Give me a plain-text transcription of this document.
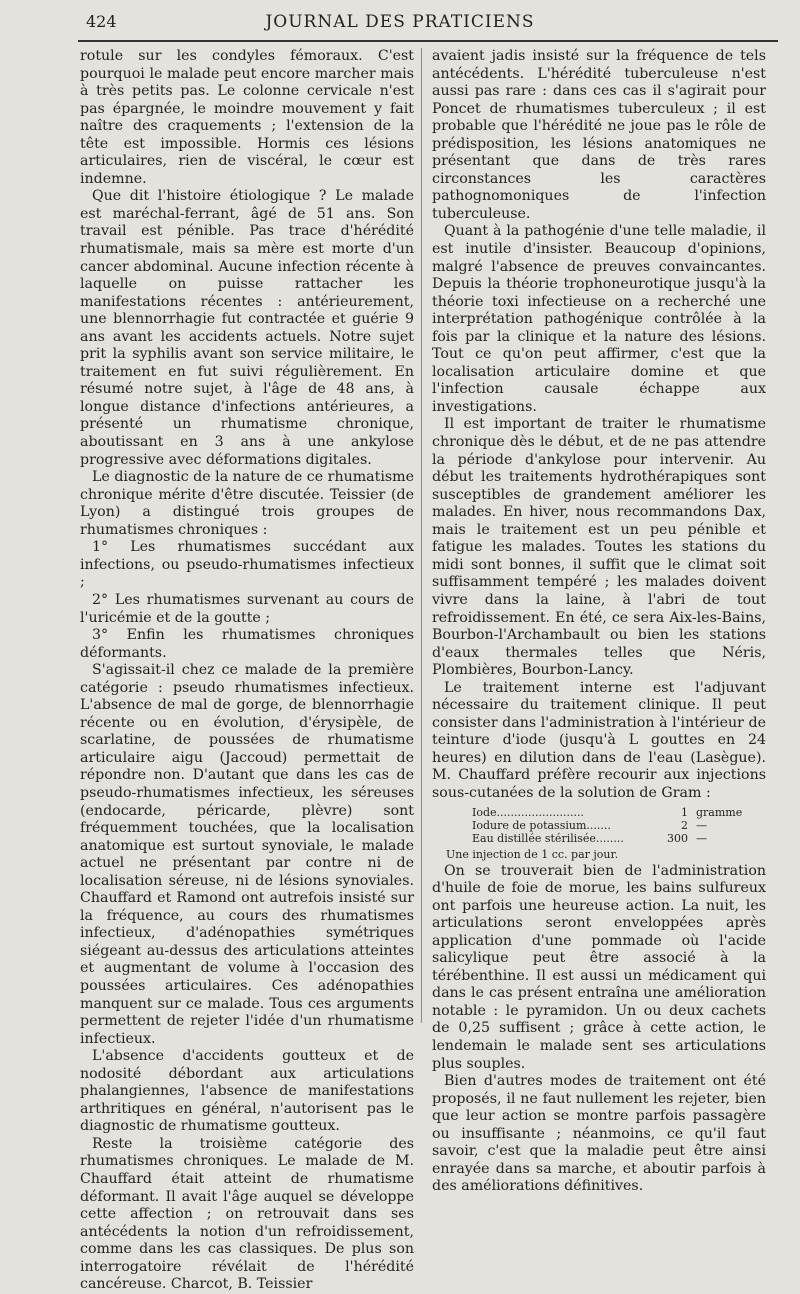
424	JOURNAL DES PRATICIENS

rotule sur les condyles fémoraux. C'est pourquoi le malade peut encore marcher mais à très petits pas. Le colonne cervicale n'est pas épargnée, le moindre mouvement y fait naître des craquements ; l'extension de la tête est impossible. Hormis ces lésions articulaires, rien de viscéral, le cœur est indemne.

Que dit l'histoire étiologique ? Le malade est maréchal-ferrant, âgé de 51 ans. Son travail est pénible. Pas trace d'hérédité rhumatismale, mais sa mère est morte d'un cancer abdominal. Aucune infection récente à laquelle on puisse rattacher les manifestations récentes : antérieurement, une blennorrhagie fut contractée et guérie 9 ans avant les accidents actuels. Notre sujet prit la syphilis avant son service militaire, le traitement en fut suivi régulièrement. En résumé notre sujet, à l'âge de 48 ans, à longue distance d'infections antérieures, a présenté un rhumatisme chronique, aboutissant en 3 ans à une ankylose progressive avec déformations digitales.

Le diagnostic de la nature de ce rhumatisme chronique mérite d'être discutée. Teissier (de Lyon) a distingué trois groupes de rhumatismes chroniques :

1° Les rhumatismes succédant aux infections, ou pseudo-rhumatismes infectieux ;

2° Les rhumatismes survenant au cours de l'uricémie et de la goutte ;

3° Enfin les rhumatismes chroniques déformants.

S'agissait-il chez ce malade de la première catégorie : pseudo rhumatismes infectieux. L'absence de mal de gorge, de blennorrhagie récente ou en évolution, d'érysipèle, de scarlatine, de poussées de rhumatisme articulaire aigu (Jaccoud) permettait de répondre non. D'autant que dans les cas de pseudo-rhumatismes infectieux, les séreuses (endocarde, péricarde, plèvre) sont fréquemment touchées, que la localisation anatomique est surtout synoviale, le malade actuel ne présentant par contre ni de localisation séreuse, ni de lésions synoviales. Chauffard et Ramond ont autrefois insisté sur la fréquence, au cours des rhumatismes infectieux, d'adénopathies symétriques siégeant au-dessus des articulations atteintes et augmentant de volume à l'occasion des poussées articulaires. Ces adénopathies manquent sur ce malade. Tous ces arguments permettent de rejeter l'idée d'un rhumatisme infectieux.

L'absence d'accidents goutteux et de nodosité débordant aux articulations phalangiennes, l'absence de manifestations arthritiques en général, n'autorisent pas le diagnostic de rhumatisme goutteux.

Reste la troisième catégorie des rhumatismes chroniques. Le malade de M. Chauffard était atteint de rhumatisme déformant. Il avait l'âge auquel se développe cette affection ; on retrouvait dans ses antécédents la notion d'un refroidissement, comme dans les cas classiques. De plus son interrogatoire révélait de l'hérédité cancéreuse. Charcot, B. Teissier

avaient jadis insisté sur la fréquence de tels antécédents. L'hérédité tuberculeuse n'est aussi pas rare : dans ces cas il s'agirait pour Poncet de rhumatismes tuberculeux ; il est probable que l'hérédité ne joue pas le rôle de prédisposition, les lésions anatomiques ne présentant que dans de très rares circonstances les caractères pathognomoniques de l'infection tuberculeuse.

Quant à la pathogénie d'une telle maladie, il est inutile d'insister. Beaucoup d'opinions, malgré l'absence de preuves convaincantes. Depuis la théorie trophoneurotique jusqu'à la théorie toxi infectieuse on a recherché une interprétation pathogénique contrôlée à la fois par la clinique et la nature des lésions. Tout ce qu'on peut affirmer, c'est que la localisation articulaire domine et que l'infection causale échappe aux investigations.

Il est important de traiter le rhumatisme chronique dès le début, et de ne pas attendre la période d'ankylose pour intervenir. Au début les traitements hydrothérapiques sont susceptibles de grandement améliorer les malades. En hiver, nous recommandons Dax, mais le traitement est un peu pénible et fatigue les malades. Toutes les stations du midi sont bonnes, il suffit que le climat soit suffisamment tempéré ; les malades doivent vivre dans la laine, à l'abri de tout refroidissement. En été, ce sera Aix-les-Bains, Bourbon-l'Archambault ou bien les stations d'eaux thermales telles que Néris, Plombières, Bourbon-Lancy.

Le traitement interne est l'adjuvant nécessaire du traitement clinique. Il peut consister dans l'administration à l'intérieur de teinture d'iode (jusqu'à L gouttes en 24 heures) en dilution dans de l'eau (Lasègue). M. Chauffard préfère recourir aux injections sous-cutanées de la solution de Gram :

Iode.........................	1 gramme
Iodure de potassium.......	2 —
Eau distillée stérilisée........	300 —
Une injection de 1 cc. par jour.

On se trouverait bien de l'administration d'huile de foie de morue, les bains sulfureux ont parfois une heureuse action. La nuit, les articulations seront enveloppées après application d'une pommade où l'acide salicylique peut être associé à la térébenthine. Il est aussi un médicament qui dans le cas présent entraîna une amélioration notable : le pyramidon. Un ou deux cachets de 0,25 suffisent ; grâce à cette action, le lendemain le malade sent ses articulations plus souples.

Bien d'autres modes de traitement ont été proposés, il ne faut nullement les rejeter, bien que leur action se montre parfois passagère ou insuffisante ; néanmoins, ce qu'il faut savoir, c'est que la maladie peut être ainsi enrayée dans sa marche, et aboutir parfois à des améliorations définitives.
